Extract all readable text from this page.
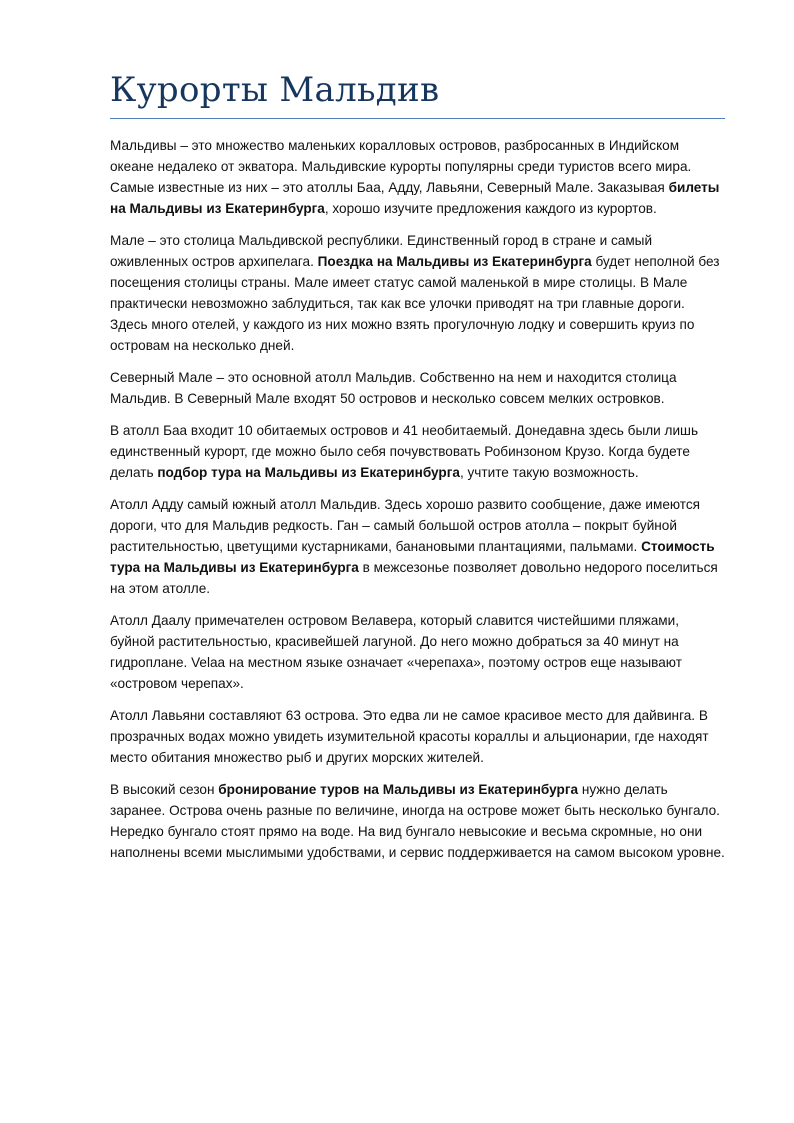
Курорты Мальдив

Мальдивы – это множество маленьких коралловых островов, разбросанных в Индийском океане недалеко от экватора. Мальдивские курорты популярны среди туристов всего мира. Самые известные из них – это атоллы Баа, Адду, Лавьяни, Северный Мале. Заказывая билеты на Мальдивы из Екатеринбурга, хорошо изучите предложения каждого из курортов.

Мале – это столица Мальдивской республики. Единственный город в стране и самый оживленных остров архипелага. Поездка на Мальдивы из Екатеринбурга будет неполной без посещения столицы страны. Мале имеет статус самой маленькой в мире столицы. В Мале практически невозможно заблудиться, так как все улочки приводят на три главные дороги. Здесь много отелей, у каждого из них можно взять прогулочную лодку и совершить круиз по островам на несколько дней.

Северный Мале – это основной атолл Мальдив. Собственно на нем и находится столица Мальдив. В Северный Мале входят 50 островов и несколько совсем мелких островков.

В атолл Баа входит 10 обитаемых островов и 41 необитаемый. Донедавна здесь были лишь единственный курорт, где можно было себя почувствовать Робинзоном Крузо. Когда будете делать подбор тура на Мальдивы из Екатеринбурга, учтите такую возможность.

Атолл Адду самый южный атолл Мальдив. Здесь хорошо развито сообщение, даже имеются дороги, что для Мальдив редкость. Ган – самый большой остров атолла – покрыт буйной растительностью, цветущими кустарниками, банановыми плантациями, пальмами. Стоимость тура на Мальдивы из Екатеринбурга в межсезонье позволяет довольно недорого поселиться на этом атолле.

Атолл Даалу примечателен островом Велавера, который славится чистейшими пляжами, буйной растительностью, красивейшей лагуной. До него можно добраться за 40 минут на гидроплане. Velaa на местном языке означает «черепаха», поэтому остров еще называют «островом черепах».

Атолл Лавьяни составляют 63 острова. Это едва ли не самое красивое место для дайвинга. В прозрачных водах можно увидеть изумительной красоты кораллы и альционарии, где находят место обитания множество рыб и других морских жителей.

В высокий сезон бронирование туров на Мальдивы из Екатеринбурга нужно делать заранее. Острова очень разные по величине, иногда на острове может быть несколько бунгало. Нередко бунгало стоят прямо на воде. На вид бунгало невысокие и весьма скромные, но они наполнены всеми мыслимыми удобствами, и сервис поддерживается на самом высоком уровне.
